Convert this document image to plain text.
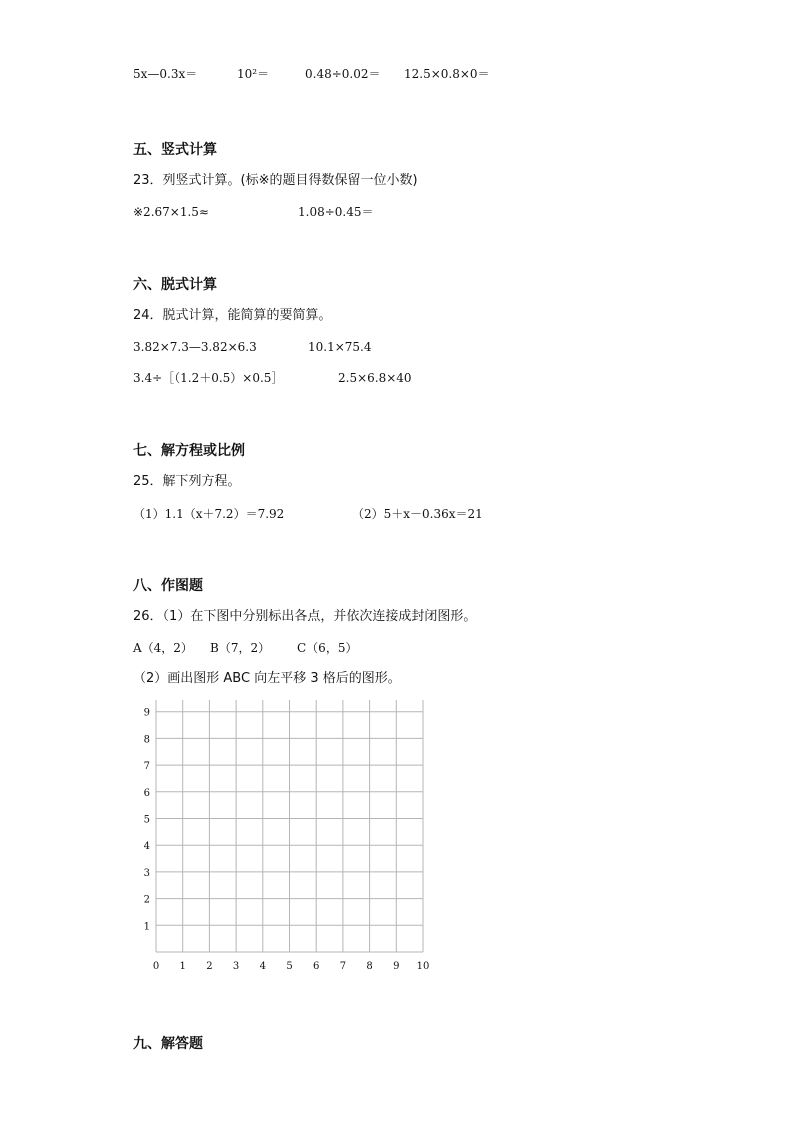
5x—0.3x＝	10²＝	0.48÷0.02＝ 12.5×0.8×0＝
五、竖式计算
23．列竖式计算。(标※的题目得数保留一位小数)
※2.67×1.5≈	1.08÷0.45＝
六、脱式计算
24．脱式计算，能简算的要简算。
3.82×7.3—3.82×6.3	10.1×75.4
3.4÷［（1.2＋0.5）×0.5］	2.5×6.8×40
七、解方程或比例
25．解下列方程。
（1）1.1（x＋7.2）＝7.92	（2）5＋x－0.36x＝21
八、作图题
26．（1）在下图中分别标出各点，并依次连接成封闭图形。
A（4，2） B（7，2） C（6，5）
（2）画出图形 ABC 向左平移 3 格后的图形。
0 1 2 3 4 5 6 7 8 9 10
1
2
3
4
5
6
7
8
9
九、解答题
